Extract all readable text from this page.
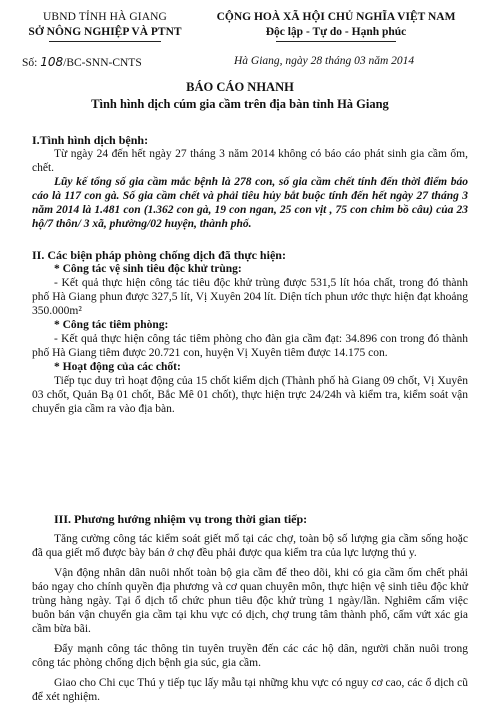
UBND TỈNH HÀ GIANG
SỞ NÔNG NGHIỆP VÀ PTNT
CỘNG HOÀ XÃ HỘI CHỦ NGHĨA VIỆT NAM
Độc lập - Tự do - Hạnh phúc
Số: 108/BC-SNN-CNTS	Hà Giang, ngày 28 tháng 03 năm 2014
BÁO CÁO NHANH
Tình hình dịch cúm gia cầm trên địa bàn tỉnh Hà Giang

I.Tình hình dịch bệnh:

Từ ngày 24 đến hết ngày 27 tháng 3 năm 2014 không có báo cáo phát sinh gia cầm ốm, chết.

Lũy kế tổng số gia cầm mắc bệnh là 278 con, số gia cầm chết tính đến thời điểm báo cáo là 117 con gà. Số gia cầm chết và phải tiêu hủy bắt buộc tính đến hết ngày 27 tháng 3 năm 2014 là 1.481 con (1.362 con gà, 19 con ngan, 25 con vịt , 75 con chim bồ câu) của 23 hộ/7 thôn/ 3 xã, phường/02 huyện, thành phố.

II. Các biện pháp phòng chống dịch đã thực hiện:

* Công tác vệ sinh tiêu độc khử trùng:

- Kết quả thực hiện công tác tiêu độc khử trùng được 531,5 lít hóa chất, trong đó thành phố Hà Giang phun được 327,5 lít, Vị Xuyên 204 lít. Diện tích phun ước thực hiện đạt khoảng 350.000m²

* Công tác tiêm phòng:

- Kết quả thực hiện công tác tiêm phòng cho đàn gia cầm đạt: 34.896 con trong đó thành phố Hà Giang tiêm được 20.721 con, huyện Vị Xuyên tiêm được 14.175 con.

* Hoạt động của các chốt:

Tiếp tục duy trì hoạt động của 15 chốt kiểm dịch (Thành phố hà Giang 09 chốt, Vị Xuyên 03 chốt, Quản Bạ 01 chốt, Bắc Mê 01 chốt), thực hiện trực 24/24h và kiểm tra, kiểm soát vận chuyển gia cầm ra vào địa bàn.

III. Phương hướng nhiệm vụ trong thời gian tiếp:

Tăng cường công tác kiểm soát giết mổ tại các chợ, toàn bộ số lượng gia cầm sống hoặc đã qua giết mổ được bày bán ở chợ đều phải được qua kiểm tra của lực lượng thú y.

Vận động nhân dân nuôi nhốt toàn bộ gia cầm để theo dõi, khi có gia cầm ốm chết phải báo ngay cho chính quyền địa phương và cơ quan chuyên môn, thực hiện vệ sinh tiêu độc khử trùng hàng ngày. Tại ổ dịch tổ chức phun tiêu độc khử trùng 1 ngày/lần. Nghiêm cấm việc buôn bán vận chuyển gia cầm tại khu vực có dịch, chợ trung tâm thành phố, cấm vứt xác gia cầm bừa bãi.

Đẩy mạnh công tác thông tin tuyên truyền đến các các hộ dân, người chăn nuôi trong công tác phòng chống dịch bệnh gia súc, gia cầm.

Giao cho Chi cục Thú y tiếp tục lấy mẫu tại những khu vực có nguy cơ cao, các ổ dịch cũ để xét nghiệm.
